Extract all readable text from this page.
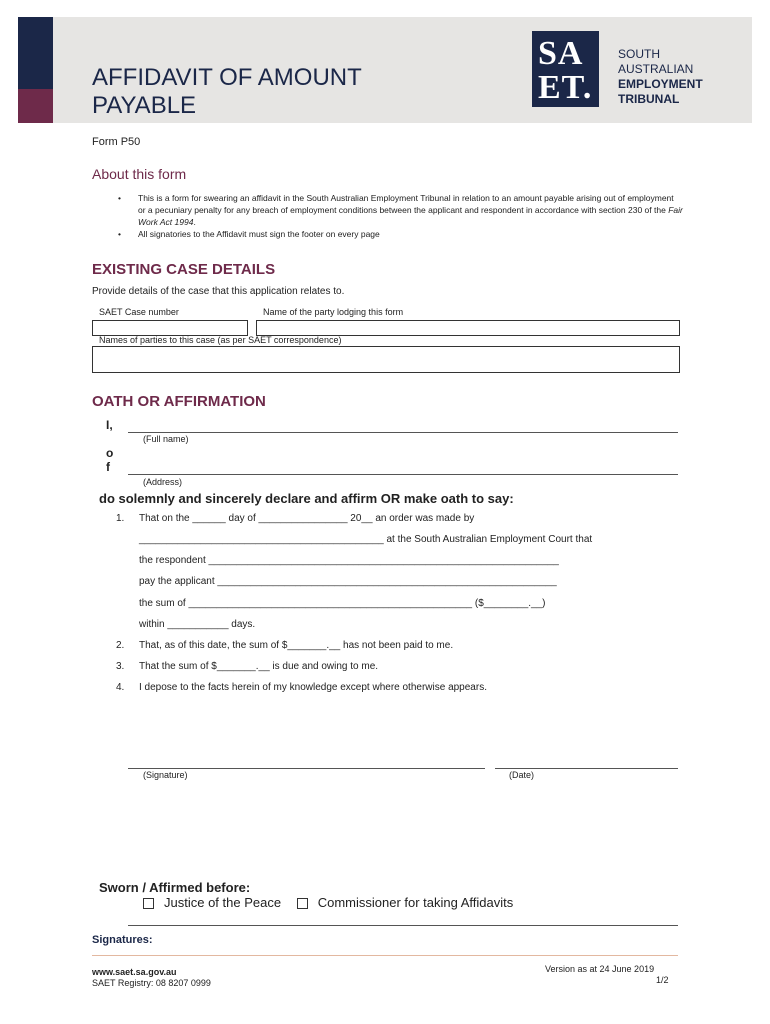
AFFIDAVIT OF AMOUNT
PAYABLE
SA
ET.
SOUTH
AUSTRALIAN
EMPLOYMENT
TRIBUNAL
Form P50
About this form
• This is a form for swearing an affidavit in the South Australian Employment Tribunal in relation to an amount payable arising out of employment or a pecuniary penalty for any breach of employment conditions between the applicant and respondent in accordance with section 230 of the Fair Work Act 1994.
• All signatories to the Affidavit must sign the footer on every page
EXISTING CASE DETAILS
Provide details of the case that this application relates to.
SAET Case number	Name of the party lodging this form
Names of parties to this case (as per SAET correspondence)
OATH OR AFFIRMATION
I,
(Full name)
o
f
(Address)
do solemnly and sincerely declare and affirm OR make oath to say:
1. That on the ______ day of ________________ 20__ an order was made by
____________________________________________ at the South Australian Employment Court that
the respondent _______________________________________________________________
pay the applicant _____________________________________________________________
the sum of ___________________________________________________ ($________.__)
within ___________ days.
2. That, as of this date, the sum of $_______.__ has not been paid to me.
3. That the sum of $_______.__ is due and owing to me.
4. I depose to the facts herein of my knowledge except where otherwise appears.
(Signature)	(Date)
Sworn / Affirmed before:
Justice of the Peace	Commissioner for taking Affidavits
Signatures:
www.saet.sa.gov.au
SAET Registry: 08 8207 0999
Version as at 24 June 2019
1/2
